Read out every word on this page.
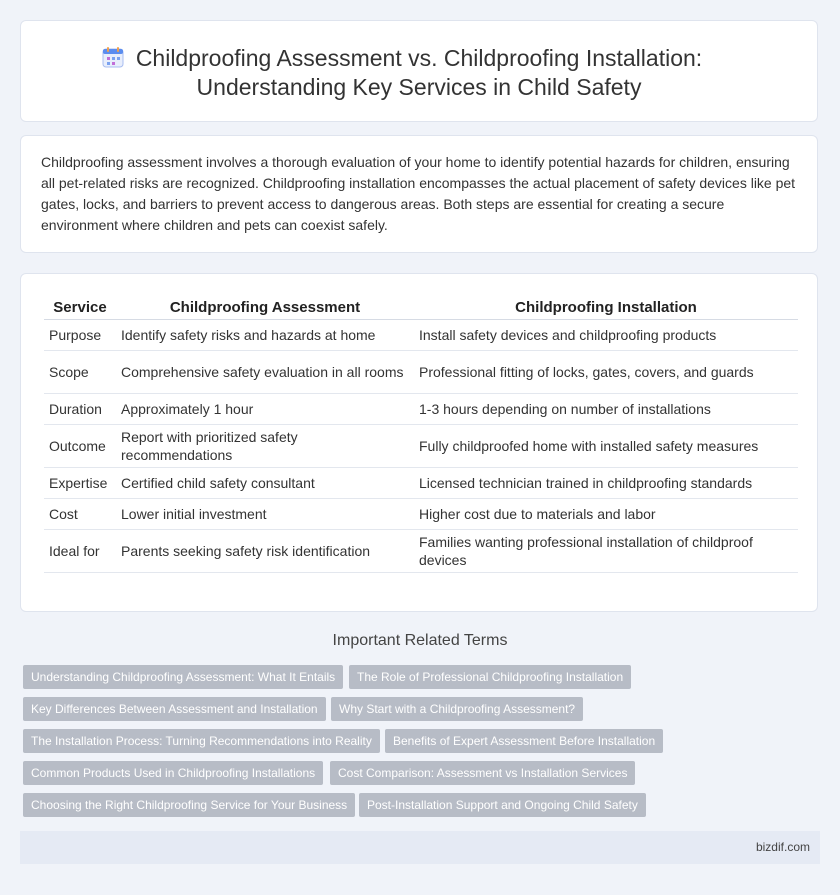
Childproofing Assessment vs. Childproofing Installation: Understanding Key Services in Child Safety
Childproofing assessment involves a thorough evaluation of your home to identify potential hazards for children, ensuring all pet-related risks are recognized. Childproofing installation encompasses the actual placement of safety devices like pet gates, locks, and barriers to prevent access to dangerous areas. Both steps are essential for creating a secure environment where children and pets can coexist safely.
Service	Childproofing Assessment	Childproofing Installation
Purpose	Identify safety risks and hazards at home	Install safety devices and childproofing products
Scope	Comprehensive safety evaluation in all rooms	Professional fitting of locks, gates, covers, and guards
Duration	Approximately 1 hour	1-3 hours depending on number of installations
Outcome	Report with prioritized safety recommendations	Fully childproofed home with installed safety measures
Expertise	Certified child safety consultant	Licensed technician trained in childproofing standards
Cost	Lower initial investment	Higher cost due to materials and labor
Ideal for	Parents seeking safety risk identification	Families wanting professional installation of childproof devices
Important Related Terms
Understanding Childproofing Assessment: What It Entails	The Role of Professional Childproofing Installation
Key Differences Between Assessment and Installation	Why Start with a Childproofing Assessment?
The Installation Process: Turning Recommendations into Reality	Benefits of Expert Assessment Before Installation
Common Products Used in Childproofing Installations	Cost Comparison: Assessment vs Installation Services
Choosing the Right Childproofing Service for Your Business	Post-Installation Support and Ongoing Child Safety
bizdif.com
